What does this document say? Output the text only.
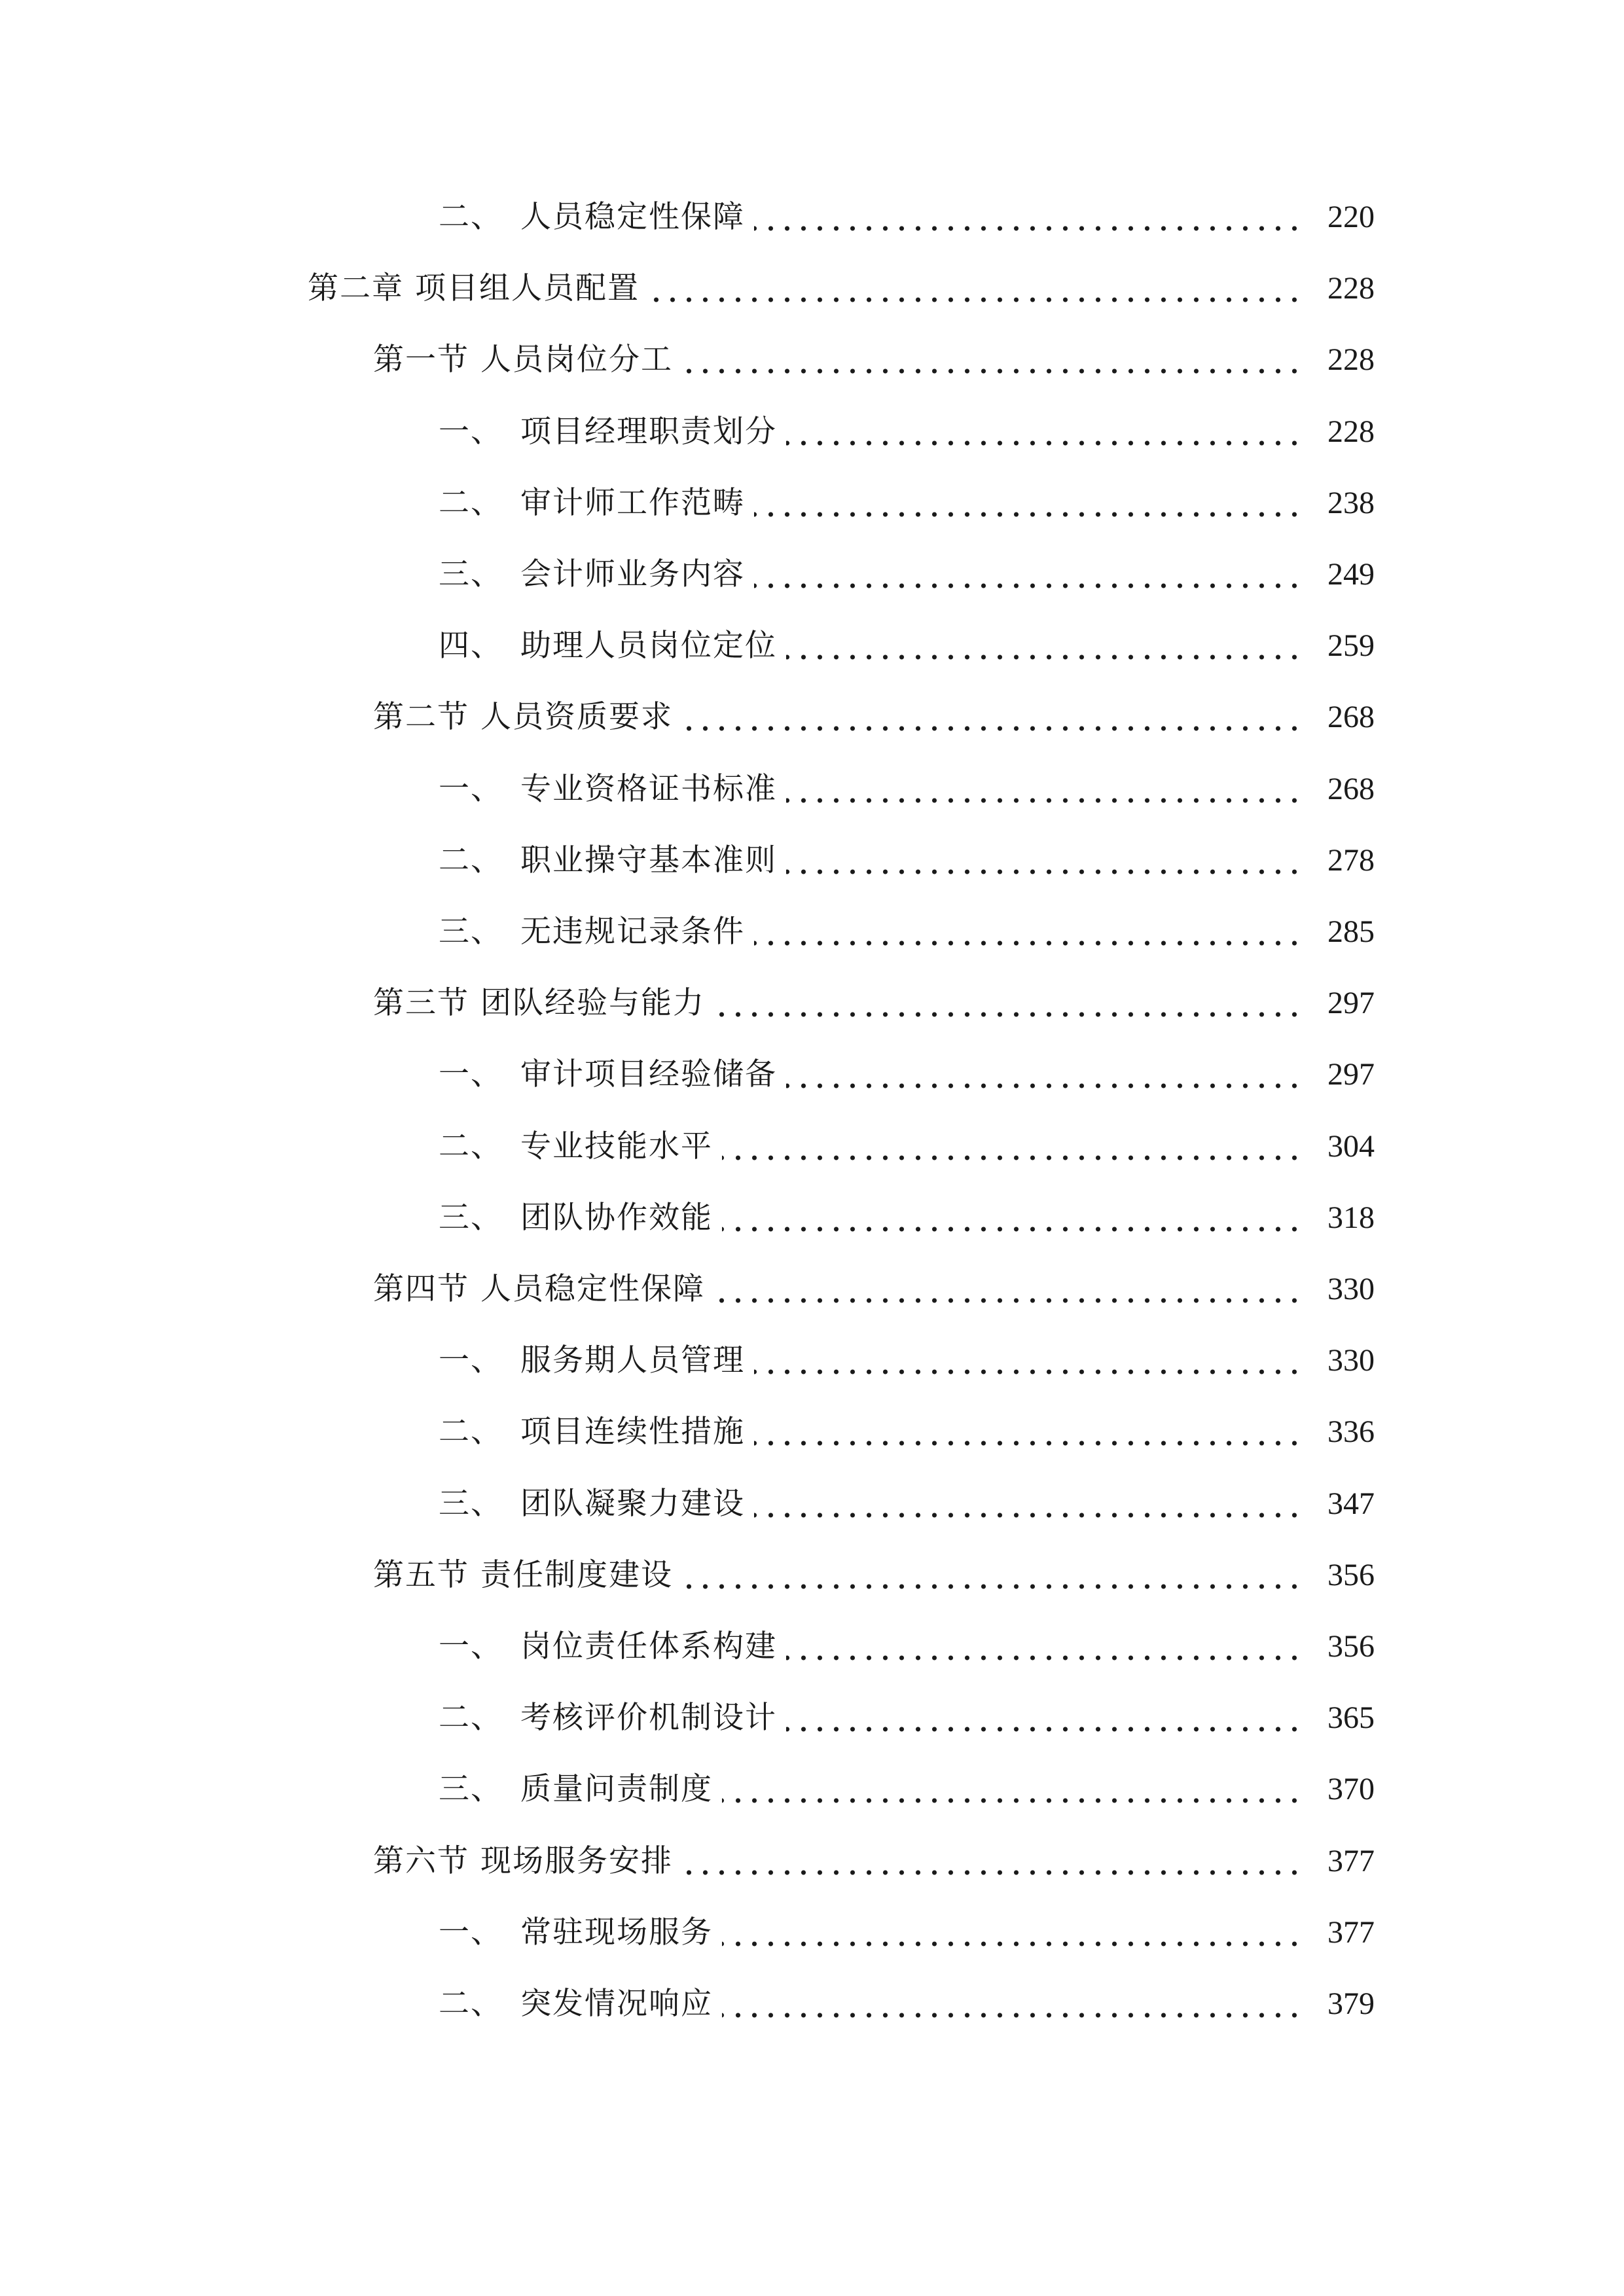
二、 人员稳定性保障	220
第二章 项目组人员配置	228
第一节 人员岗位分工	228
一、 项目经理职责划分	228
二、 审计师工作范畴	238
三、 会计师业务内容	249
四、 助理人员岗位定位	259
第二节 人员资质要求	268
一、 专业资格证书标准	268
二、 职业操守基本准则	278
三、 无违规记录条件	285
第三节 团队经验与能力	297
一、 审计项目经验储备	297
二、 专业技能水平	304
三、 团队协作效能	318
第四节 人员稳定性保障	330
一、 服务期人员管理	330
二、 项目连续性措施	336
三、 团队凝聚力建设	347
第五节 责任制度建设	356
一、 岗位责任体系构建	356
二、 考核评价机制设计	365
三、 质量问责制度	370
第六节 现场服务安排	377
一、 常驻现场服务	377
二、 突发情况响应	379
